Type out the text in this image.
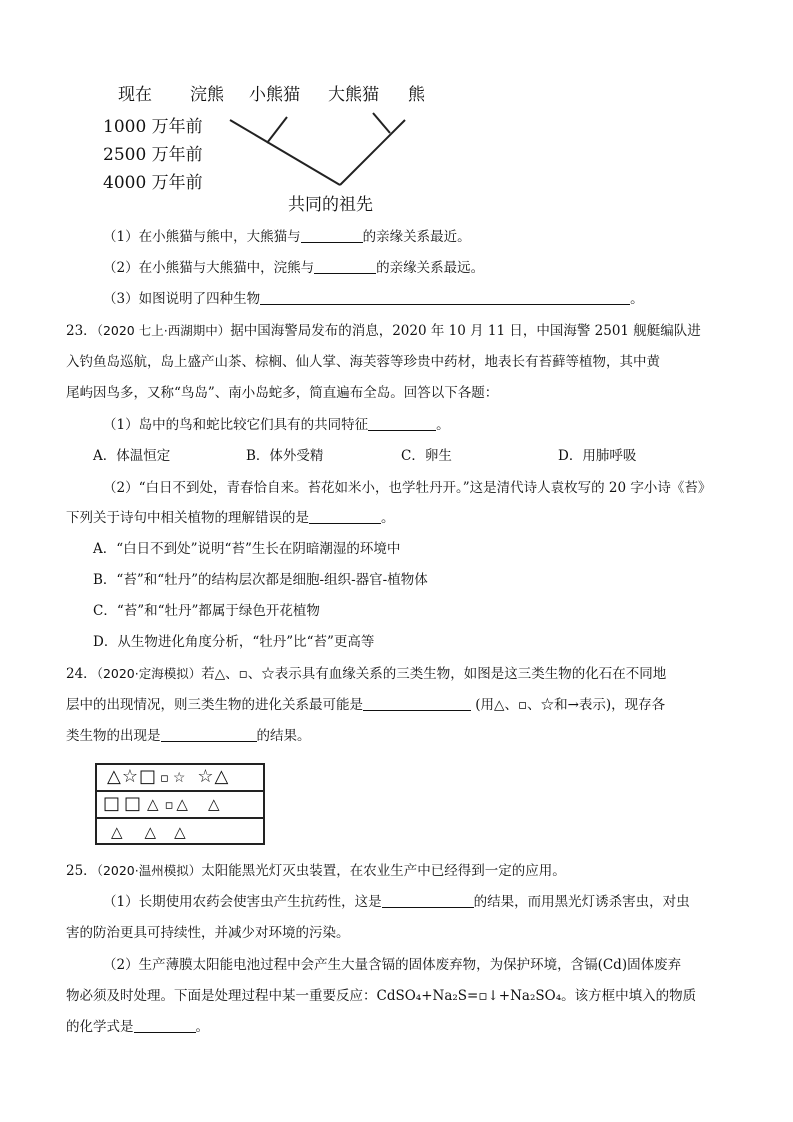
现在 浣熊 小熊猫 大熊猫 熊
1000 万年前
2500 万年前
4000 万年前
共同的祖先
（1）在小熊猫与熊中，大熊猫与	的亲缘关系最近。
（2）在小熊猫与大熊猫中，浣熊与	的亲缘关系最远。
（3）如图说明了四种生物	。
23．（2020 七上·西湖期中）据中国海警局发布的消息，2020 年 10 月 11 日，中国海警 2501 舰艇编队进
入钓鱼岛巡航，岛上盛产山茶、棕榈、仙人掌、海芙蓉等珍贵中药材，地表长有苔藓等植物，其中黄
尾屿因鸟多，又称“鸟岛”、南小岛蛇多，简直遍布全岛。回答以下各题：
（1）岛中的鸟和蛇比较它们具有的共同特征	。
A．体温恒定	B．体外受精	C．卵生	D．用肺呼吸
（2）“白日不到处，青春恰自来。苔花如米小，也学牡丹开。”这是清代诗人袁枚写的 20 字小诗《苔》
下列关于诗句中相关植物的理解错误的是	。
A．“白日不到处”说明“苔”生长在阴暗潮湿的环境中
B．“苔”和“牡丹”的结构层次都是细胞-组织-器官-植物体
C．“苔”和“牡丹”都属于绿色开花植物
D．从生物进化角度分析，“牡丹”比“苔”更高等
24．（2020·定海模拟）若△、▫、☆表示具有血缘关系的三类生物，如图是这三类生物的化石在不同地
层中的出现情况，则三类生物的进化关系最可能是	(用△、▫、☆和→表示)，现存各
类生物的出现是	的结果。
△☆□ ▫ ☆ ☆△
□ □ △ ▫ △ △
△ △ △
25．（2020·温州模拟）太阳能黑光灯灭虫装置，在农业生产中已经得到一定的应用。
（1）长期使用农药会使害虫产生抗药性，这是	的结果，而用黑光灯诱杀害虫，对虫
害的防治更具可持续性，并减少对环境的污染。
（2）生产薄膜太阳能电池过程中会产生大量含镉的固体废弃物，为保护环境，含镉(Cd)固体废弃
物必须及时处理。下面是处理过程中某一重要反应：CdSO₄+Na₂S=▫↓+Na₂SO₄。该方框中填入的物质
的化学式是	。
